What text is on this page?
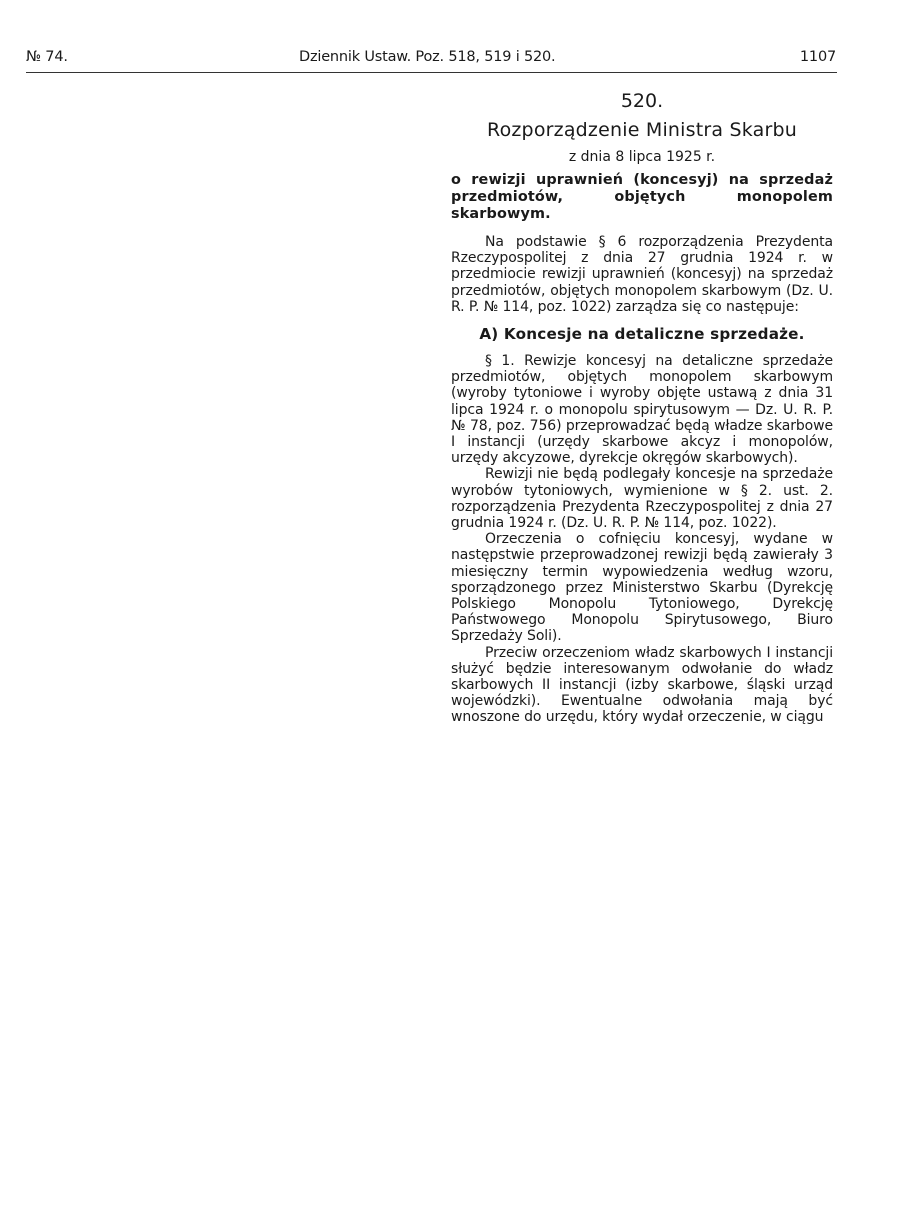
№ 74.	Dziennik Ustaw. Poz. 518, 519 i 520.	1107
520.
Rozporządzenie Ministra Skarbu
z dnia 8 lipca 1925 r.
o rewizji uprawnień (koncesyj) na sprzedaż
przedmiotów, objętych monopolem skarbowym.

Na podstawie § 6 rozporządzenia Prezydenta Rzeczypospolitej z dnia 27 grudnia 1924 r. w przedmiocie rewizji uprawnień (koncesyj) na sprzedaż przedmiotów, objętych monopolem skarbowym (Dz. U. R. P. № 114, poz. 1022) zarządza się co następuje:

A) Koncesje na detaliczne sprzedaże.

§ 1. Rewizje koncesyj na detaliczne sprzedaże przedmiotów, objętych monopolem skarbowym (wyroby tytoniowe i wyroby objęte ustawą z dnia 31 lipca 1924 r. o monopolu spirytusowym — Dz. U. R. P. № 78, poz. 756) przeprowadzać będą władze skarbowe I instancji (urzędy skarbowe akcyz i monopolów, urzędy akcyzowe, dyrekcje okręgów skarbowych).

Rewizji nie będą podlegały koncesje na sprzedaże wyrobów tytoniowych, wymienione w § 2. ust. 2. rozporządzenia Prezydenta Rzeczypospolitej z dnia 27 grudnia 1924 r. (Dz. U. R. P. № 114, poz. 1022).

Orzeczenia o cofnięciu koncesyj, wydane w następstwie przeprowadzonej rewizji będą zawierały 3 miesięczny termin wypowiedzenia według wzoru, sporządzonego przez Ministerstwo Skarbu (Dyrekcję Polskiego Monopolu Tytoniowego, Dyrekcję Państwowego Monopolu Spirytusowego, Biuro Sprzedaży Soli).

Przeciw orzeczeniom władz skarbowych I instancji służyć będzie interesowanym odwołanie do władz skarbowych II instancji (izby skarbowe, śląski urząd wojewódzki). Ewentualne odwołania mają być wnoszone do urzędu, który wydał orzeczenie, w ciągu
